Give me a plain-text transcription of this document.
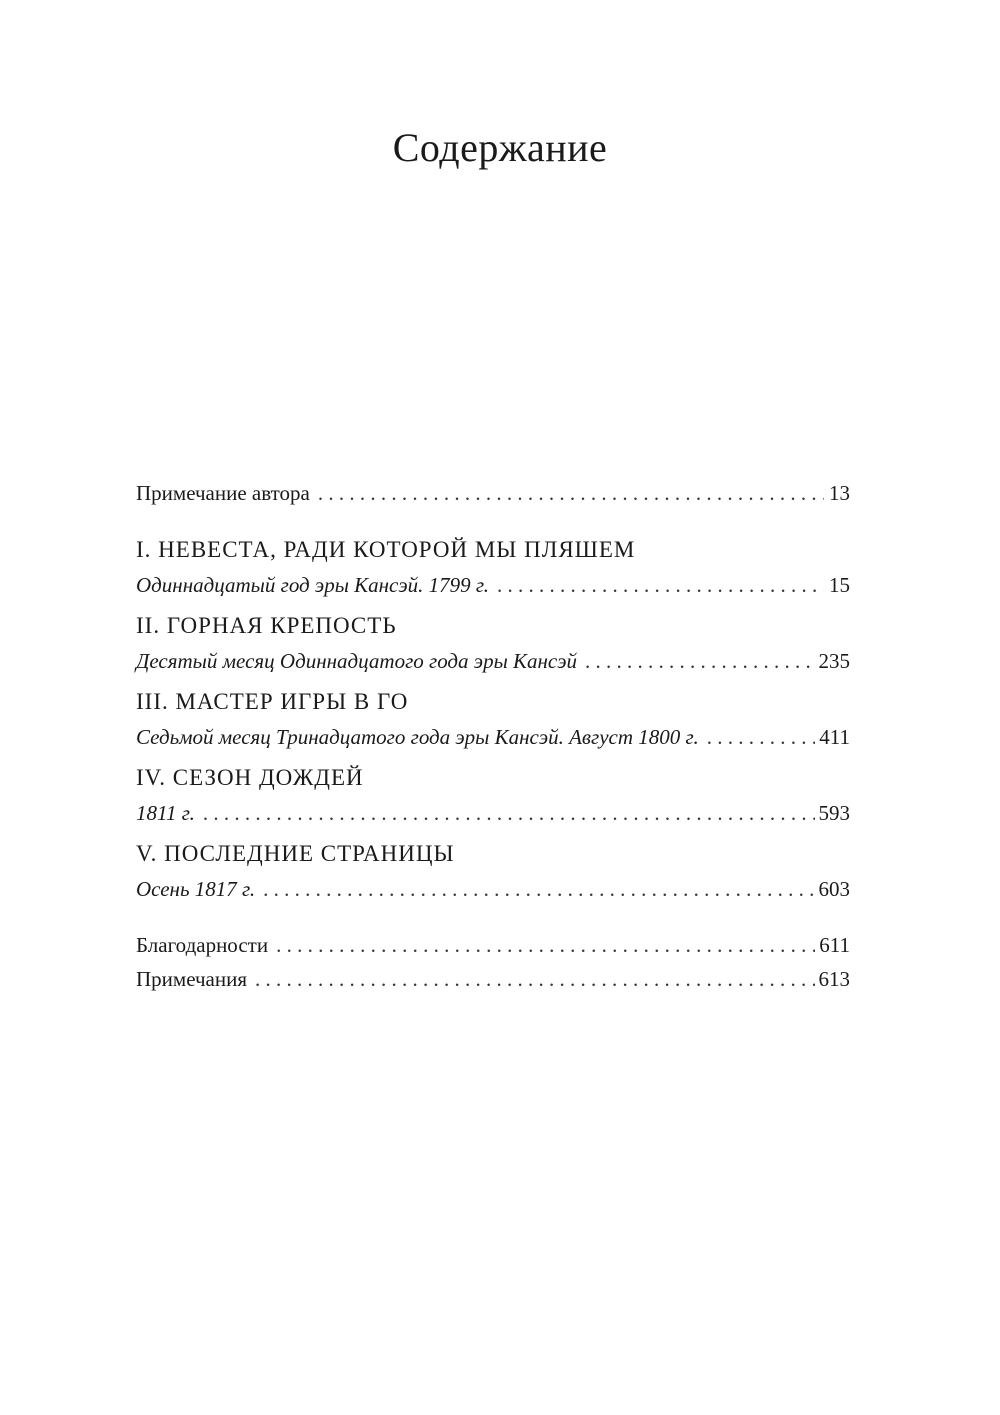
Содержание
Примечание автора . . .	13
I. НЕВЕСТА, РАДИ КОТОРОЙ МЫ ПЛЯШЕМ
Одиннадцатый год эры Кансэй. 1799 г. . . .	15
II. ГОРНАЯ КРЕПОСТЬ
Десятый месяц Одиннадцатого года эры Кансэй . . .	235
III. МАСТЕР ИГРЫ В ГО
Седьмой месяц Тринадцатого года эры Кансэй. Август 1800 г. . . .	411
IV. СЕЗОН ДОЖДЕЙ
1811 г. . . .	593
V. ПОСЛЕДНИЕ СТРАНИЦЫ
Осень 1817 г. . . .	603
Благодарности . . .	611
Примечания . . .	613
